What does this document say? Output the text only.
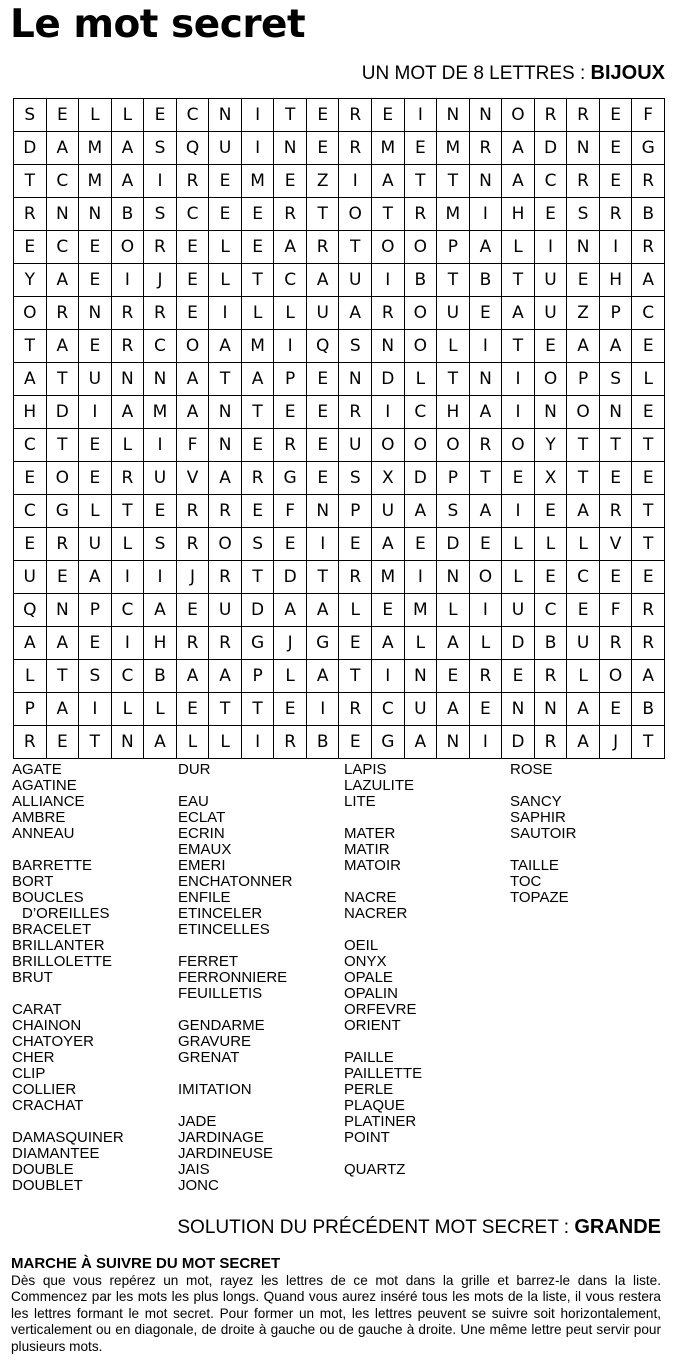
Le mot secret
UN MOT DE 8 LETTRES : BIJOUX
S	E	L	L	E	C	N	I	T	E	R	E	I	N	N	O	R	R	E	F
D	A	M	A	S	Q	U	I	N	E	R	M	E	M	R	A	D	N	E	G
T	C	M	A	I	R	E	M	E	Z	I	A	T	T	N	A	C	R	E	R
R	N	N	B	S	C	E	E	R	T	O	T	R	M	I	H	E	S	R	B
E	C	E	O	R	E	L	E	A	R	T	O	O	P	A	L	I	N	I	R
Y	A	E	I	J	E	L	T	C	A	U	I	B	T	B	T	U	E	H	A
O	R	N	R	R	E	I	L	L	U	A	R	O	U	E	A	U	Z	P	C
T	A	E	R	C	O	A	M	I	Q	S	N	O	L	I	T	E	A	A	E
A	T	U	N	N	A	T	A	P	E	N	D	L	T	N	I	O	P	S	L
H	D	I	A	M	A	N	T	E	E	R	I	C	H	A	I	N	O	N	E
C	T	E	L	I	F	N	E	R	E	U	O	O	O	R	O	Y	T	T	T
E	O	E	R	U	V	A	R	G	E	S	X	D	P	T	E	X	T	E	E
C	G	L	T	E	R	R	E	F	N	P	U	A	S	A	I	E	A	R	T
E	R	U	L	S	R	O	S	E	I	E	A	E	D	E	L	L	L	V	T
U	E	A	I	I	J	R	T	D	T	R	M	I	N	O	L	E	C	E	E
Q	N	P	C	A	E	U	D	A	A	L	E	M	L	I	U	C	E	F	R
A	A	E	I	H	R	R	G	J	G	E	A	L	A	L	D	B	U	R	R
L	T	S	C	B	A	A	P	L	A	T	I	N	E	R	E	R	L	O	A
P	A	I	L	L	E	T	T	E	I	R	C	U	A	E	N	N	A	E	B
R	E	T	N	A	L	L	I	R	B	E	G	A	N	I	D	R	A	J	T
AGATE
AGATINE
ALLIANCE
AMBRE
ANNEAU
BARRETTE
BORT
BOUCLES
D’OREILLES
BRACELET
BRILLANTER
BRILLOLETTE
BRUT
CARAT
CHAINON
CHATOYER
CHER
CLIP
COLLIER
CRACHAT
DAMASQUINER
DIAMANTEE
DOUBLE
DOUBLET
DUR
EAU
ECLAT
ECRIN
EMAUX
EMERI
ENCHATONNER
ENFILE
ETINCELER
ETINCELLES
FERRET
FERRONNIERE
FEUILLETIS
GENDARME
GRAVURE
GRENAT
IMITATION
JADE
JARDINAGE
JARDINEUSE
JAIS
JONC
LAPIS
LAZULITE
LITE
MATER
MATIR
MATOIR
NACRE
NACRER
OEIL
ONYX
OPALE
OPALIN
ORFEVRE
ORIENT
PAILLE
PAILLETTE
PERLE
PLAQUE
PLATINER
POINT
QUARTZ
ROSE
SANCY
SAPHIR
SAUTOIR
TAILLE
TOC
TOPAZE
SOLUTION DU PRÉCÉDENT MOT SECRET : GRANDE
MARCHE À SUIVRE DU MOT SECRET
Dès que vous repérez un mot, rayez les lettres de ce mot dans la grille et barrez-le dans la liste. Commencez par les mots les plus longs. Quand vous aurez inséré tous les mots de la liste, il vous restera les lettres formant le mot secret. Pour former un mot, les lettres peuvent se suivre soit horizontalement, verticalement ou en diagonale, de droite à gauche ou de gauche à droite. Une même lettre peut servir pour plusieurs mots.
